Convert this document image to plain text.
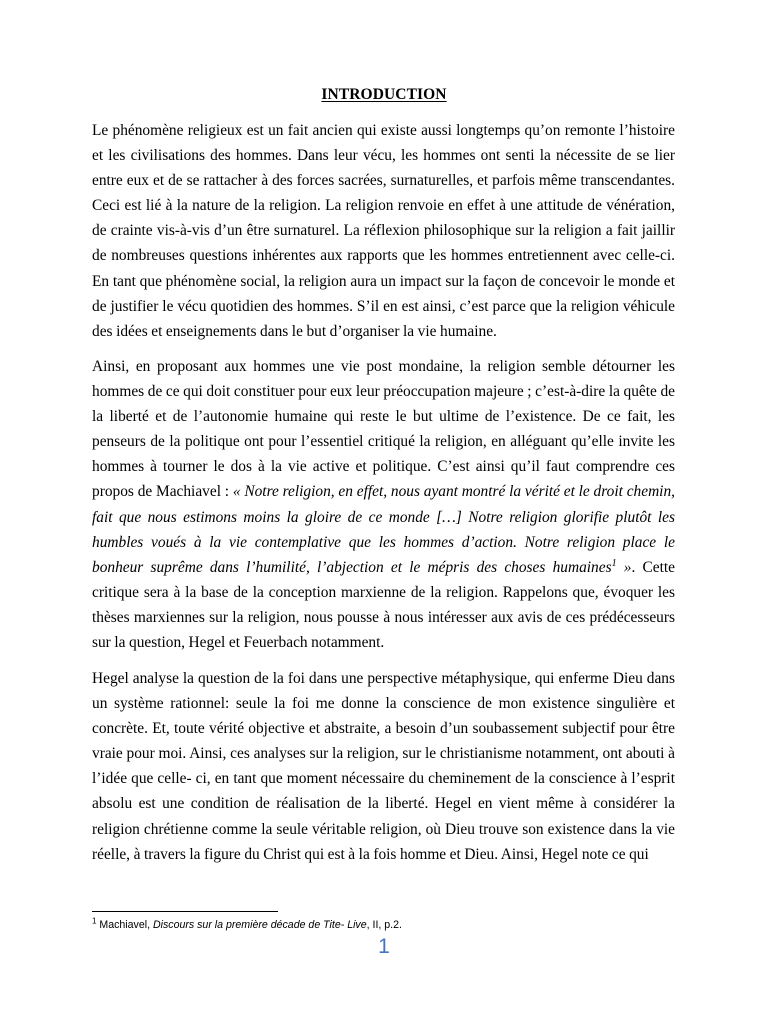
INTRODUCTION

Le phénomène religieux est un fait ancien qui existe aussi longtemps qu’on remonte l’histoire et les civilisations des hommes. Dans leur vécu, les hommes ont senti la nécessite de se lier entre eux et de se rattacher à des forces sacrées, surnaturelles, et parfois même transcendantes. Ceci est lié à la nature de la religion. La religion renvoie en effet à une attitude de vénération, de crainte vis-à-vis d’un être surnaturel. La réflexion philosophique sur la religion a fait jaillir de nombreuses questions inhérentes aux rapports que les hommes entretiennent avec celle-ci. En tant que phénomène social, la religion aura un impact sur la façon de concevoir le monde et de justifier le vécu quotidien des hommes. S’il en est ainsi, c’est parce que la religion véhicule des idées et enseignements dans le but d’organiser la vie humaine.

Ainsi, en proposant aux hommes une vie post mondaine, la religion semble détourner les hommes de ce qui doit constituer pour eux leur préoccupation majeure ; c’est-à-dire la quête de la liberté et de l’autonomie humaine qui reste le but ultime de l’existence. De ce fait, les penseurs de la politique ont pour l’essentiel critiqué la religion, en alléguant qu’elle invite les hommes à tourner le dos à la vie active et politique. C’est ainsi qu’il faut comprendre ces propos de Machiavel : « Notre religion, en effet, nous ayant montré la vérité et le droit chemin, fait que nous estimons moins la gloire de ce monde […] Notre religion glorifie plutôt les humbles voués à la vie contemplative que les hommes d’action. Notre religion place le bonheur suprême dans l’humilité, l’abjection et le mépris des choses humaines$^1$ ». Cette critique sera à la base de la conception marxienne de la religion. Rappelons que, évoquer les thèses marxiennes sur la religion, nous pousse à nous intéresser aux avis de ces prédécesseurs sur la question, Hegel et Feuerbach notamment.

Hegel analyse la question de la foi dans une perspective métaphysique, qui enferme Dieu dans un système rationnel: seule la foi me donne la conscience de mon existence singulière et concrète. Et, toute vérité objective et abstraite, a besoin d’un soubassement subjectif pour être vraie pour moi. Ainsi, ces analyses sur la religion, sur le christianisme notamment, ont abouti à l’idée que celle- ci, en tant que moment nécessaire du cheminement de la conscience à l’esprit absolu est une condition de réalisation de la liberté. Hegel en vient même à considérer la religion chrétienne comme la seule véritable religion, où Dieu trouve son existence dans la vie réelle, à travers la figure du Christ qui est à la fois homme et Dieu. Ainsi, Hegel note ce qui

$^1$ Machiavel, Discours sur la première décade de Tite- Live, II, p.2.
1
